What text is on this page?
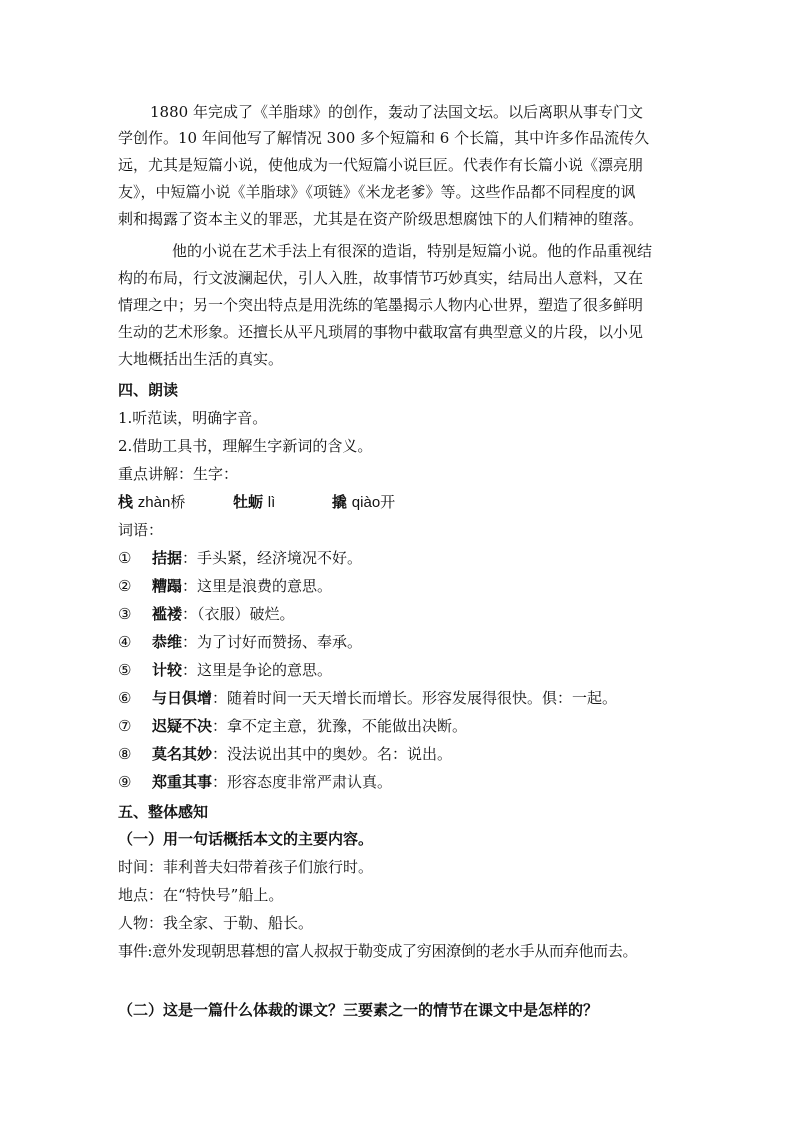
1880 年完成了《羊脂球》的创作，轰动了法国文坛。以后离职从事专门文
学创作。10 年间他写了解情况 300 多个短篇和 6 个长篇，其中许多作品流传久
远，尤其是短篇小说，使他成为一代短篇小说巨匠。代表作有长篇小说《漂亮朋
友》，中短篇小说《羊脂球》《项链》《米龙老爹》等。这些作品都不同程度的讽
刺和揭露了资本主义的罪恶，尤其是在资产阶级思想腐蚀下的人们精神的堕落。
他的小说在艺术手法上有很深的造诣，特别是短篇小说。他的作品重视结
构的布局，行文波澜起伏，引人入胜，故事情节巧妙真实，结局出人意料，又在
情理之中；另一个突出特点是用洗练的笔墨揭示人物内心世界，塑造了很多鲜明
生动的艺术形象。还擅长从平凡琐屑的事物中截取富有典型意义的片段，以小见
大地概括出生活的真实。
四、朗读
1.听范读，明确字音。
2.借助工具书，理解生字新词的含义。
重点讲解：生字：
栈 zhàn桥	牡蛎 lì	撬 qiào开
词语：
① 拮据：手头紧，经济境况不好。
② 糟蹋：这里是浪费的意思。
③ 褴褛：（衣服）破烂。
④ 恭维：为了讨好而赞扬、奉承。
⑤ 计较：这里是争论的意思。
⑥ 与日俱增：随着时间一天天增长而增长。形容发展得很快。俱：一起。
⑦ 迟疑不决：拿不定主意，犹豫，不能做出决断。
⑧ 莫名其妙：没法说出其中的奥妙。名：说出。
⑨ 郑重其事：形容态度非常严肃认真。
五、整体感知
（一）用一句话概括本文的主要内容。
时间：菲利普夫妇带着孩子们旅行时。
地点：在“特快号”船上。
人物：我全家、于勒、船长。
事件:意外发现朝思暮想的富人叔叔于勒变成了穷困潦倒的老水手从而弃他而去。
（二）这是一篇什么体裁的课文？三要素之一的情节在课文中是怎样的？
